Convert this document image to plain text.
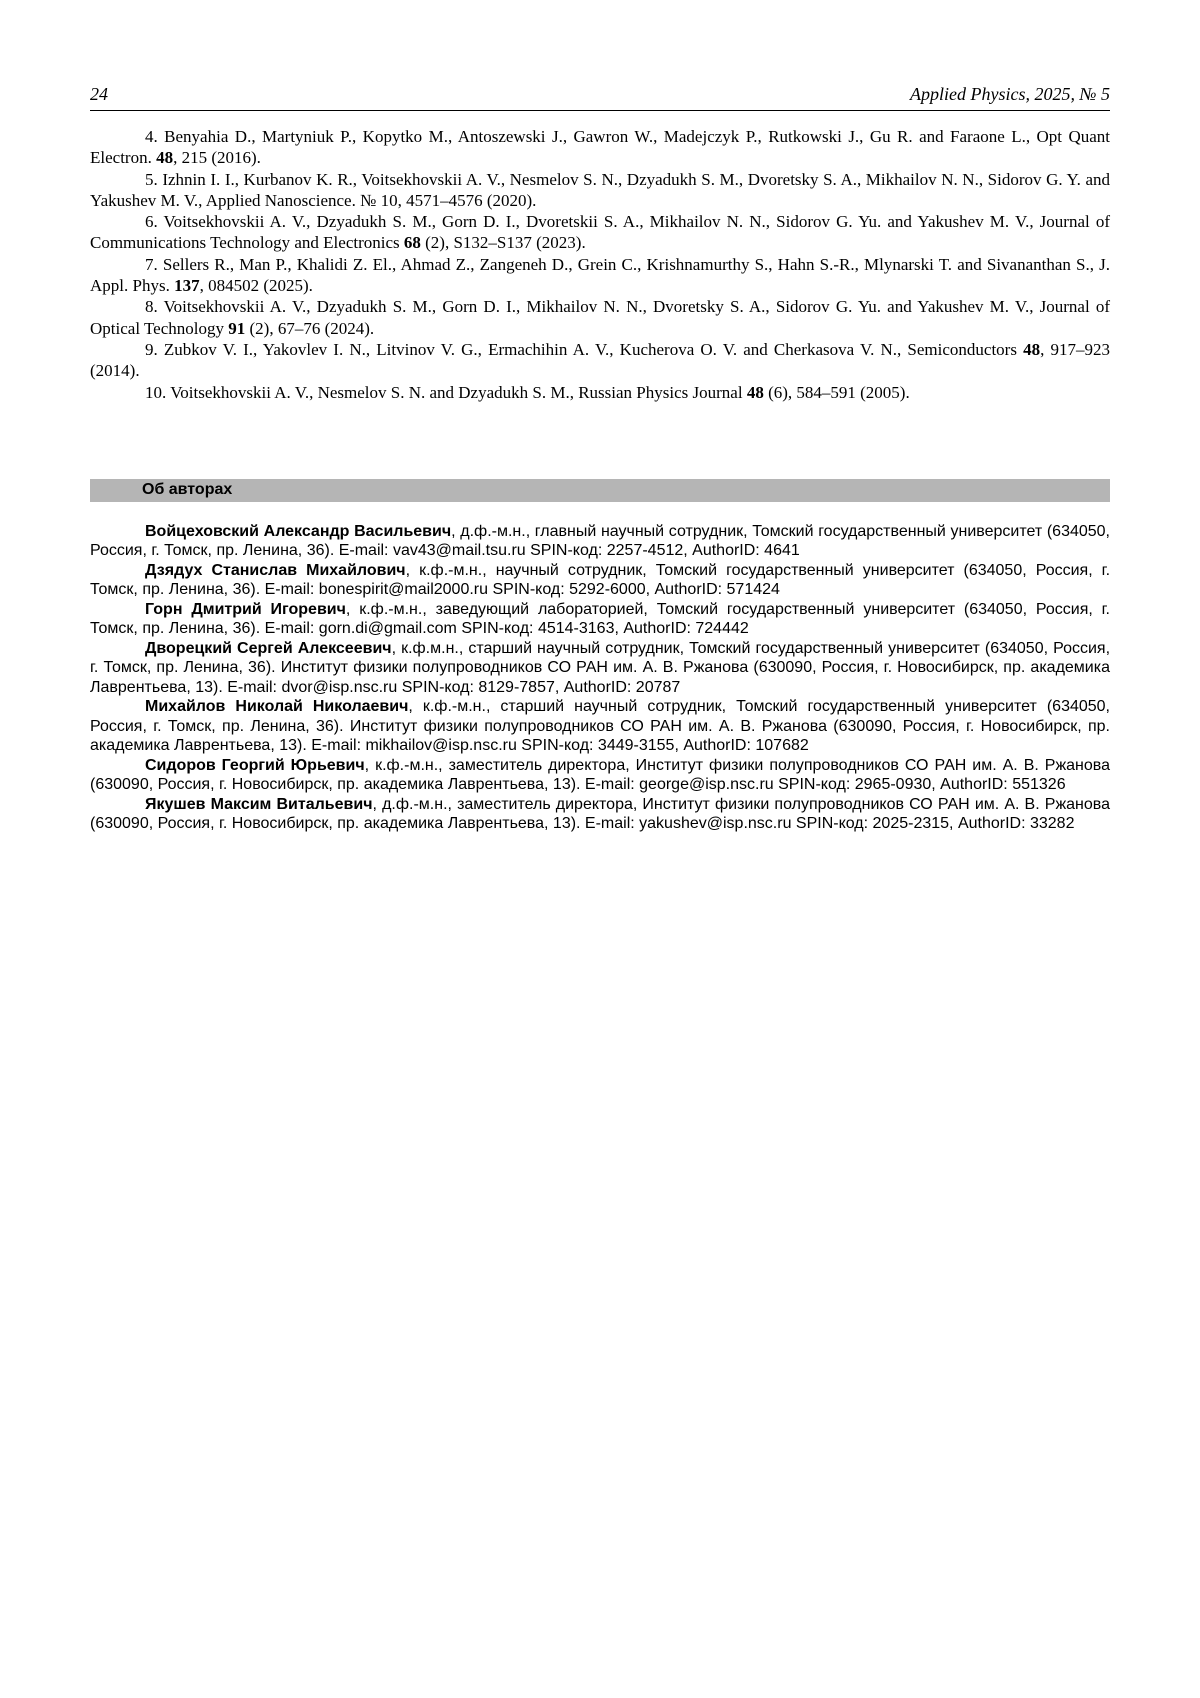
24	Applied Physics, 2025, № 5

4. Benyahia D., Martyniuk P., Kopytko M., Antoszewski J., Gawron W., Madejczyk P., Rutkowski J., Gu R. and Faraone L., Opt Quant Electron. 48, 215 (2016).

5. Izhnin I. I., Kurbanov K. R., Voitsekhovskii A. V., Nesmelov S. N., Dzyadukh S. M., Dvoretsky S. A., Mikhailov N. N., Sidorov G. Y. and Yakushev M. V., Applied Nanoscience. № 10, 4571–4576 (2020).

6. Voitsekhovskii A. V., Dzyadukh S. M., Gorn D. I., Dvoretskii S. A., Mikhailov N. N., Sidorov G. Yu. and Yakushev M. V., Journal of Communications Technology and Electronics 68 (2), S132–S137 (2023).

7. Sellers R., Man P., Khalidi Z. El., Ahmad Z., Zangeneh D., Grein C., Krishnamurthy S., Hahn S.-R., Mlynarski T. and Sivananthan S., J. Appl. Phys. 137, 084502 (2025).

8. Voitsekhovskii A. V., Dzyadukh S. M., Gorn D. I., Mikhailov N. N., Dvoretsky S. A., Sidorov G. Yu. and Yakushev M. V., Journal of Optical Technology 91 (2), 67–76 (2024).

9. Zubkov V. I., Yakovlev I. N., Litvinov V. G., Ermachihin A. V., Kucherova O. V. and Cherkasova V. N., Semiconductors 48, 917–923 (2014).

10. Voitsekhovskii A. V., Nesmelov S. N. and Dzyadukh S. M., Russian Physics Journal 48 (6), 584–591 (2005).

Об авторах

Войцеховский Александр Васильевич, д.ф.-м.н., главный научный сотрудник, Томский государственный университет (634050, Россия, г. Томск, пр. Ленина, 36). E-mail: vav43@mail.tsu.ru SPIN-код: 2257-4512, AuthorID: 4641

Дзядух Станислав Михайлович, к.ф.-м.н., научный сотрудник, Томский государственный университет (634050, Россия, г. Томск, пр. Ленина, 36). E-mail: bonespirit@mail2000.ru SPIN-код: 5292-6000, AuthorID: 571424

Горн Дмитрий Игоревич, к.ф.-м.н., заведующий лабораторией, Томский государственный университет (634050, Россия, г. Томск, пр. Ленина, 36). E-mail: gorn.di@gmail.com SPIN-код: 4514-3163, AuthorID: 724442

Дворецкий Сергей Алексеевич, к.ф.м.н., старший научный сотрудник, Томский государственный университет (634050, Россия, г. Томск, пр. Ленина, 36). Институт физики полупроводников СО РАН им. А. В. Ржанова (630090, Россия, г. Новосибирск, пр. академика Лаврентьева, 13). E-mail: dvor@isp.nsc.ru SPIN-код: 8129-7857, AuthorID: 20787

Михайлов Николай Николаевич, к.ф.-м.н., старший научный сотрудник, Томский государственный университет (634050, Россия, г. Томск, пр. Ленина, 36). Институт физики полупроводников СО РАН им. А. В. Ржанова (630090, Россия, г. Новосибирск, пр. академика Лаврентьева, 13). E-mail: mikhailov@isp.nsc.ru SPIN-код: 3449-3155, AuthorID: 107682

Сидоров Георгий Юрьевич, к.ф.-м.н., заместитель директора, Институт физики полупроводников СО РАН им. А. В. Ржанова (630090, Россия, г. Новосибирск, пр. академика Лаврентьева, 13). E-mail: george@isp.nsc.ru SPIN-код: 2965-0930, AuthorID: 551326

Якушев Максим Витальевич, д.ф.-м.н., заместитель директора, Институт физики полупроводников СО РАН им. А. В. Ржанова (630090, Россия, г. Новосибирск, пр. академика Лаврентьева, 13). E-mail: yakushev@isp.nsc.ru SPIN-код: 2025-2315, AuthorID: 33282
